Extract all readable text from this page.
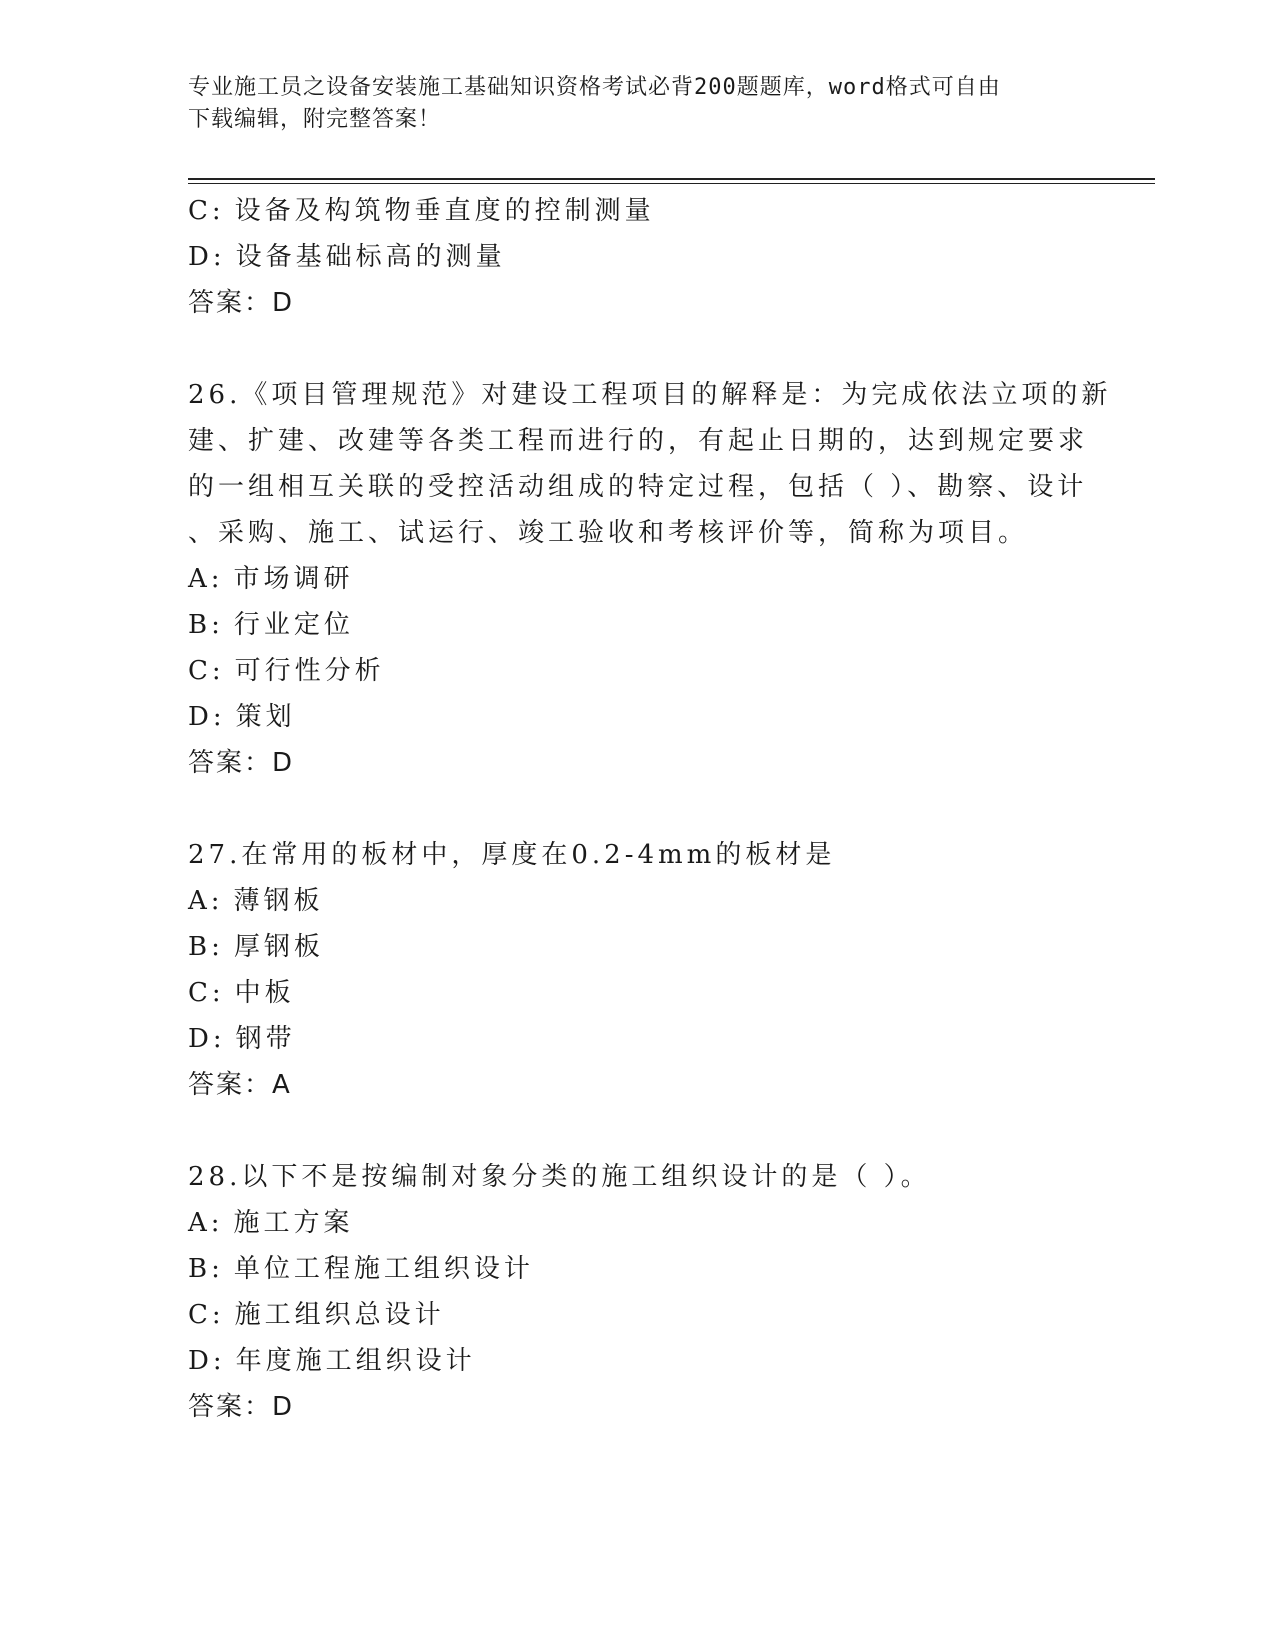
专业施工员之设备安装施工基础知识资格考试必背200题题库，word格式可自由
下载编辑，附完整答案！
C: 设备及构筑物垂直度的控制测量
D: 设备基础标高的测量
答案：D
26.《项目管理规范》对建设工程项目的解释是：为完成依法立项的新
建、扩建、改建等各类工程而进行的，有起止日期的，达到规定要求
的一组相互关联的受控活动组成的特定过程，包括（ ）、勘察、设计
、采购、施工、试运行、竣工验收和考核评价等，简称为项目。
A: 市场调研
B: 行业定位
C: 可行性分析
D: 策划
答案：D
27.在常用的板材中，厚度在0.2-4mm的板材是
A: 薄钢板
B: 厚钢板
C: 中板
D: 钢带
答案：A
28.以下不是按编制对象分类的施工组织设计的是（ ）。
A: 施工方案
B: 单位工程施工组织设计
C: 施工组织总设计
D: 年度施工组织设计
答案：D
